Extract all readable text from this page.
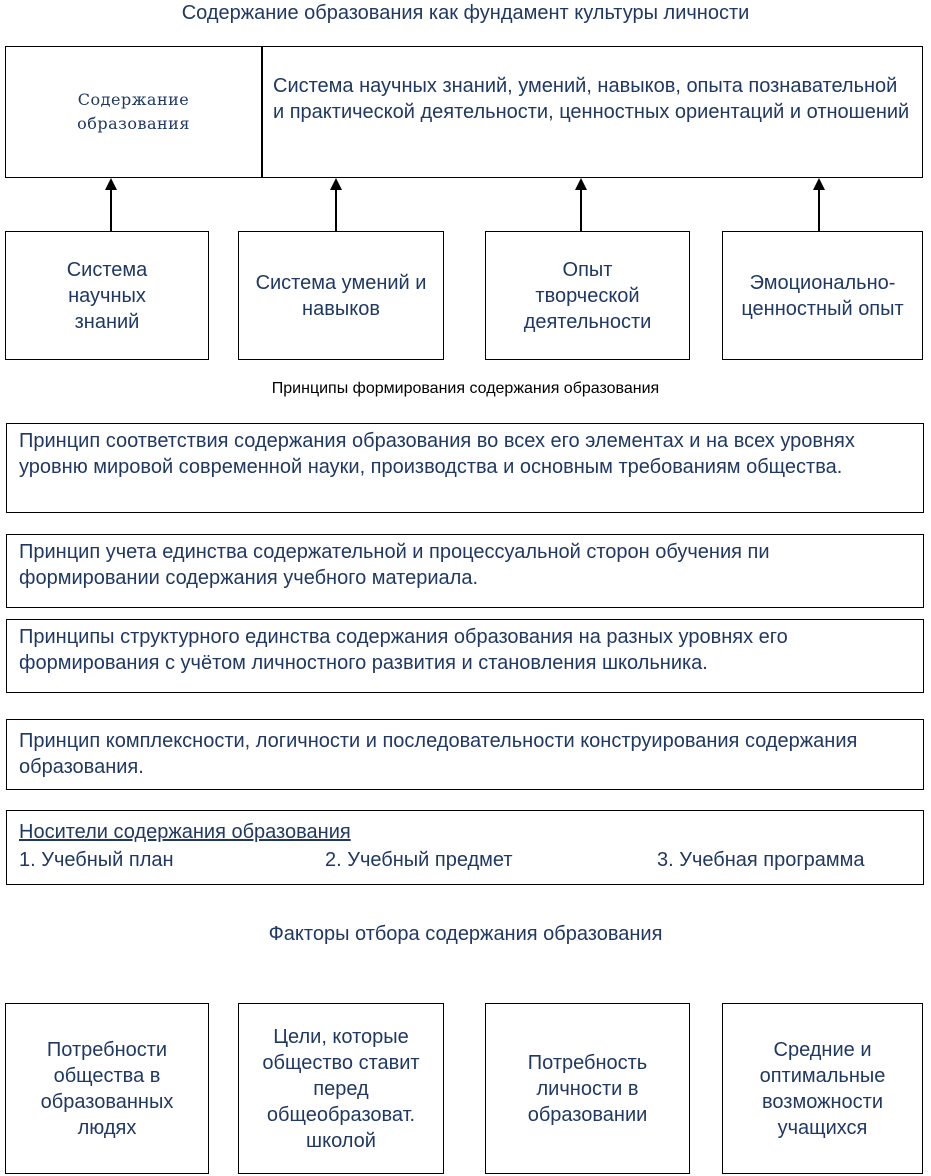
Содержание образования как фундамент культуры личности
Содержание образования
Система научных знаний, умений, навыков, опыта познавательной и практической деятельности, ценностных ориентаций и отношений
Система научных знаний
Система умений и навыков
Опыт творческой деятельности
Эмоционально-ценностный опыт
Принципы формирования содержания образования
Принцип соответствия содержания образования во всех его элементах и на всех уровнях уровню мировой современной науки, производства и основным требованиям общества.
Принцип учета единства содержательной и процессуальной сторон обучения пи формировании содержания учебного материала.
Принципы структурного единства содержания образования на разных уровнях его формирования с учётом личностного развития и становления школьника.
Принцип комплексности, логичности и последовательности конструирования содержания образования.
Носители содержания образования
1. Учебный план	2. Учебный предмет	3. Учебная программа
Факторы отбора содержания образования
Потребности общества в образованных людях
Цели, которые общество ставит перед общеобразоват. школой
Потребность личности в образовании
Средние и оптимальные возможности учащихся
